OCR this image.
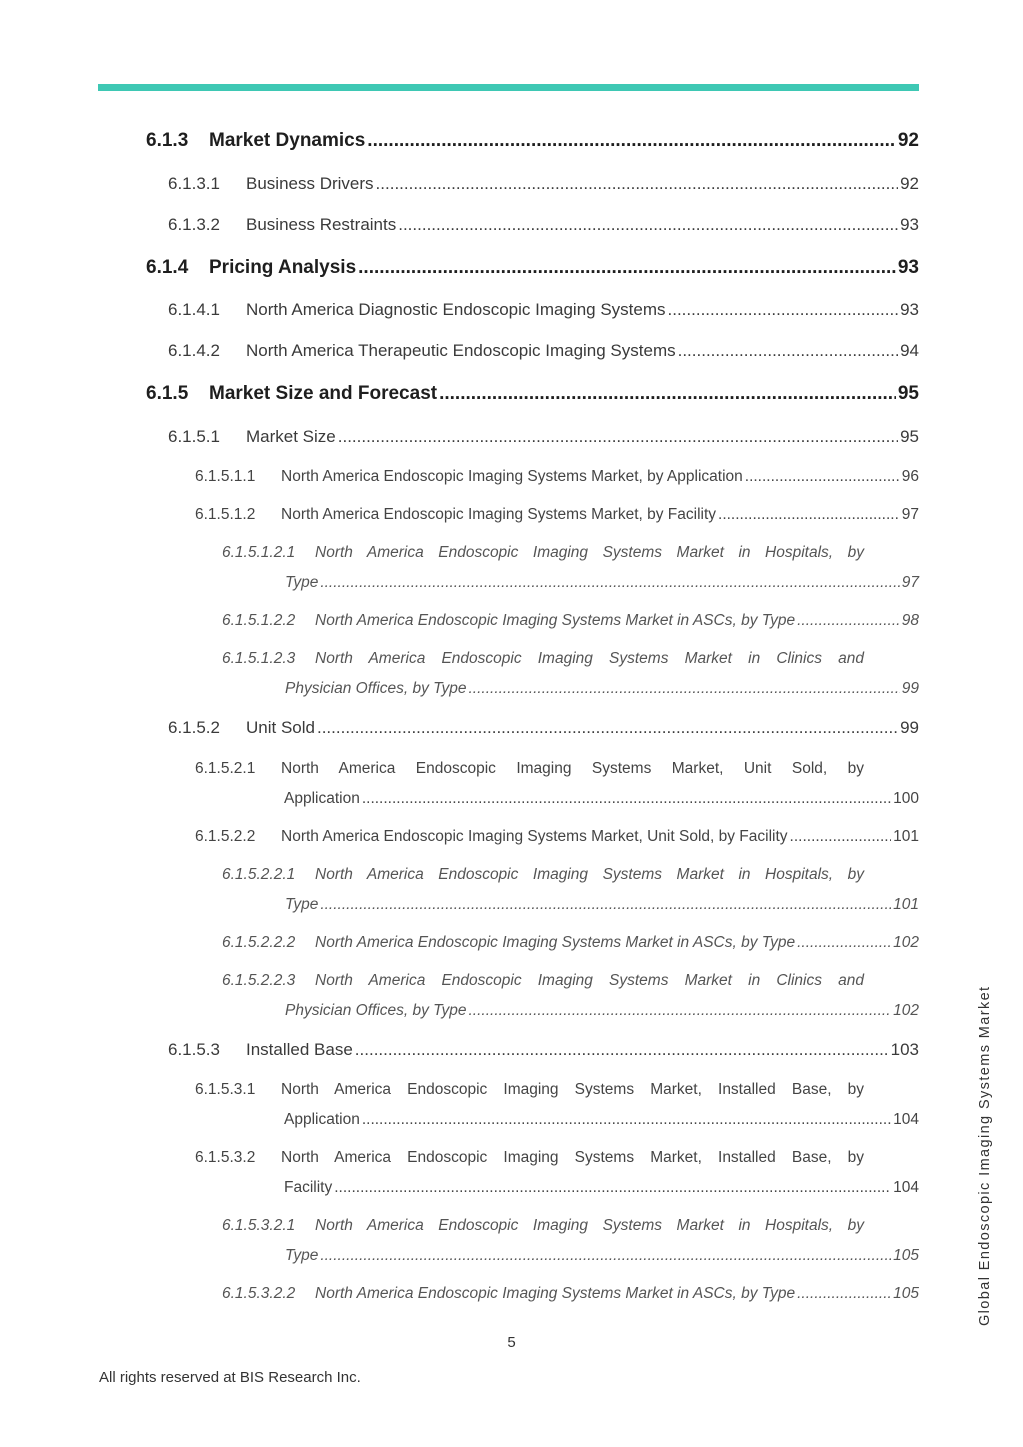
6.1.3	Market Dynamics .....	92
6.1.3.1	Business Drivers .....	92
6.1.3.2	Business Restraints .....	93
6.1.4	Pricing Analysis .....	93
6.1.4.1	North America Diagnostic Endoscopic Imaging Systems .....	93
6.1.4.2	North America Therapeutic Endoscopic Imaging Systems .....	94
6.1.5	Market Size and Forecast .....	95
6.1.5.1	Market Size .....	95
6.1.5.1.1	North America Endoscopic Imaging Systems Market, by Application .....	96
6.1.5.1.2	North America Endoscopic Imaging Systems Market, by Facility .....	97
6.1.5.1.2.1	North America Endoscopic Imaging Systems Market in Hospitals, by
Type .....	97
6.1.5.1.2.2	North America Endoscopic Imaging Systems Market in ASCs, by Type .....	98
6.1.5.1.2.3	North America Endoscopic Imaging Systems Market in Clinics and
Physician Offices, by Type .....	99
6.1.5.2	Unit Sold .....	99
6.1.5.2.1	North America Endoscopic Imaging Systems Market, Unit Sold, by
Application .....	100
6.1.5.2.2	North America Endoscopic Imaging Systems Market, Unit Sold, by Facility .....	101
6.1.5.2.2.1	North America Endoscopic Imaging Systems Market in Hospitals, by
Type .....	101
6.1.5.2.2.2	North America Endoscopic Imaging Systems Market in ASCs, by Type .....	102
6.1.5.2.2.3	North America Endoscopic Imaging Systems Market in Clinics and
Physician Offices, by Type .....	102
6.1.5.3	Installed Base .....	103
6.1.5.3.1	North America Endoscopic Imaging Systems Market, Installed Base, by
Application .....	104
6.1.5.3.2	North America Endoscopic Imaging Systems Market, Installed Base, by
Facility .....	104
6.1.5.3.2.1	North America Endoscopic Imaging Systems Market in Hospitals, by
Type .....	105
6.1.5.3.2.2	North America Endoscopic Imaging Systems Market in ASCs, by Type .....	105
5
All rights reserved at BIS Research Inc.
Global Endoscopic Imaging Systems Market
